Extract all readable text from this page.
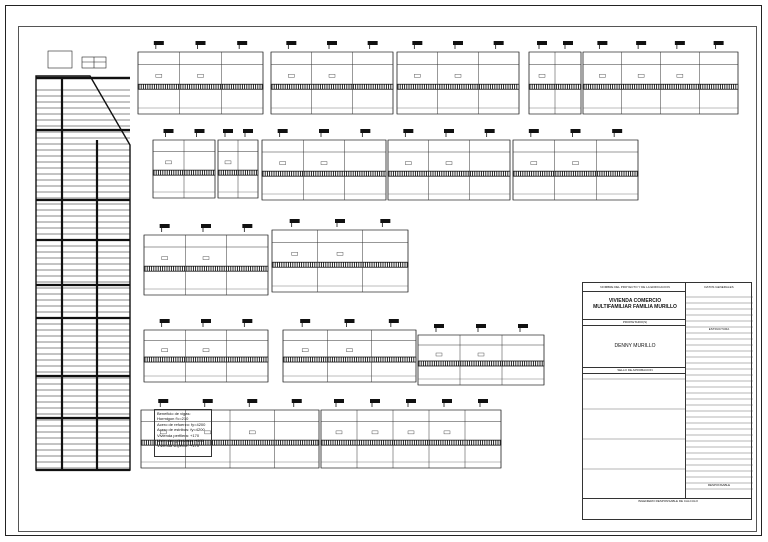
Beneficio de vigas:
Hormigon f'c=210
Acero de refuerzo: fy=4200
Acero de estribos: fy=4200
Vivienda perfilera: +170
Vivienda optimizada: +170
Vivienda superior: +170
NOMBRE DEL PROYECTO Y DE LA EDIFICACION	DATOS GENERALES
VIVIENDA COMERCIO
MULTIFAMILIAR FAMILIA MURILLO
PROPIETARIO(S)
DENNY MURILLO
SELLO DE APROBACION
INGENIERO RESPONSABLE DE CALCULO
ESTRUCTURA
RESPONSABLE
